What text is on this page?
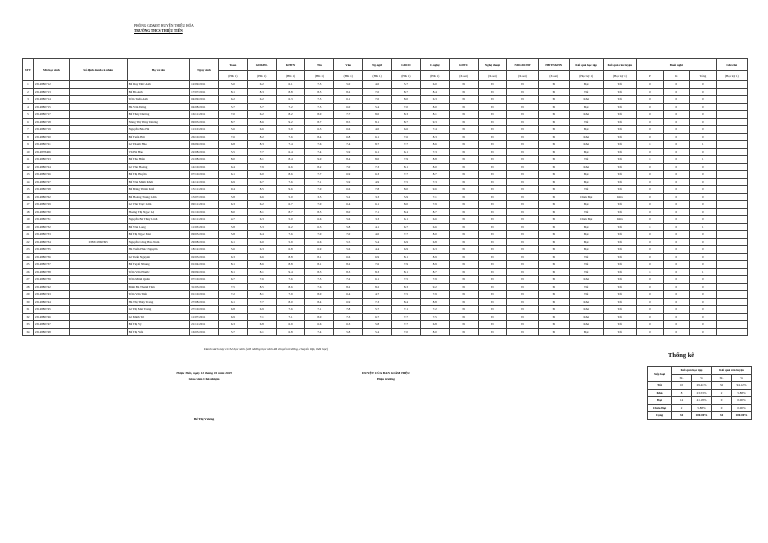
PHÒNG GD&ĐT HUYỆN THIỆU HÓA
TRƯỜNG THCS THIỆU TIẾN
STT	Mã học sinh	Số định danh cá nhân	Họ và tên	Ngày sinh	Toan	GDKHL	KHTN	Tin	Văn	Ng.ngữ	GDCD	C.nghệ	GDTC	Nghệ thuật	NDGDCĐP	HĐTN&HN	Kết quả học tập	Kết quả rèn luyện	Buổi nghỉ			Ghi chú
					(HK 1)	(HK 1)	(HK 1)	(HK 1)	(HK 1)	(HK 1)	(HK 1)	(HK 1)	(X.set)	(X.set)	(X.set)	(X.set)	(Học kỳ 1)	(Học kỳ 1)	P	K	Tổng	(Học kỳ 1)
1	2314880712		Bế Duy Đức Anh	12/09/2011	5.0	6.2	6.1	7.5	5.0	4.0	5.7	6.0	Đ	Đ	Đ	Đ	Đạt	Tốt	0	0	0	
2	2314880713		Bế Bá Anh	17/07/2011	8.1	8.3	8.8	8.5	8.2	7.0	8.7	8.4	Đ	Đ	Đ	Đ	Tốt	Tốt	0	0	0	
3	2314880714		Trần Tuấn Anh	04/09/2011	6.2	6.2	6.3	7.5	6.1	7.0	8.0	6.3	Đ	Đ	Đ	Đ	Khá	Tốt	0	0	0	
4	2314880715		Hà Văn Đông	04/08/2011	5.7	5.7	7.2	7.5	6.0	5.4	7.0	8.0	Đ	Đ	Đ	Đ	Đạt	Tốt	0	0	0	
5	2314880717		Bế Thúy Dương	16/11/2011	7.0	6.2	8.2	8.0	7.7	8.0	8.3	8.1	Đ	Đ	Đ	Đ	Khá	Tốt	0	0	0	
6	2314880718		Nông Thị Thùy Dương	09/03/2011	8.7	8.6	9.2	8.7	8.5	8.1	8.7	9.3	Đ	Đ	Đ	Đ	Tốt	Tốt	0	0	0	
7	2314880719		Nguyễn Bảo Hà	11/10/2011	5.6	6.6	5.9	6.3	6.6	4.0	6.6	7.4	Đ	Đ	Đ	Đ	Đạt	Tốt	0	0	0	
8	2314880720		Bế Tuấn Hải	26/10/2011	7.6	8.2	7.6	8.4	6.8	6.1	7.6	8.3	Đ	Đ	Đ	Đ	Khá	Tốt	0	0	0	
9	2314880721		Lê Thanh Hảo	06/09/2011	6.8	8.3	7.4	7.6	7.4	8.7	7.7	8.6	Đ	Đ	Đ	Đ	Khá	Tốt	1	0	1	
10	2314878406		Vũ Hà Hảo	22/08/2011	5.5	7.7	6.4	7.4	5.9	6.1	6.1	7.3	Đ	Đ	Đ	Đ	Đạt	Tốt	0	0	0	
11	2314880723		Bế Thu Hiền	21/08/2011	8.0	8.1	8.4	9.0	8.4	8.0	7.9	8.8	Đ	Đ	Đ	Đ	Tốt	Tốt	1	0	1	
12	2314880724		Lê Văn Hoàng	14/10/2011	6.4	7.9	6.6	8.2	7.0	7.3	8.1	8.0	Đ	Đ	Đ	Đ	Khá	Tốt	0	0	0	
13	2314880726		Bế Thị Huyền	07/10/2011	6.1	6.0	8.6	7.7	6.9	6.3	7.7	8.7	Đ	Đ	Đ	Đ	Đạt	Tốt	0	0	0	
14	2314880727		Bế Văn Minh Khôi	14/12/2011	6.9	6.7	7.6	7.1	5.9	4.9	7.5	7.3	Đ	Đ	Đ	Đ	Đạt	Tốt	0	0	0	
15	2314880728		Bế Đăng Thiên Kiết	15/11/2011	9.4	8.5	9.6	7.0	6.6	7.8	8.0	9.6	Đ	Đ	Đ	Đ	Tốt	Tốt	0	0	0	
16	2314880762		Bế Hoàng Trung Lâm	13/07/2011	5.8	6.6	5.0	3.5	5.2	3.3	5.9	7.1	Đ	Đ	Đ	Đ	Chưa Đạt	Khá	0	0	0	
17	2314880729		Lê Văn Trực Lâm	09/11/2011	6.3	6.2	6.7	7.0	6.4	6.1	8.0	7.9	Đ	Đ	Đ	Đ	Đạt	Tốt	0	0	0	
18	2314880730		Hoàng Thị Ngọc Lệ	01/10/2011	8.0	8.1	8.7	8.5	8.0	7.1	8.4	8.7	Đ	Đ	Đ	Đ	Tốt	Tốt	0	0	0	
19	2314880731		Nguyễn Bá Thùy Linh	16/11/2011	4.7	6.3	5.0	6.6	5.6	3.3	6.1	6.6	Đ	Đ	Đ	Đ	Chưa Đạt	Khá	0	0	0	
20	2314880732		Bế Văn Long	11/03/2011	5.8	5.3	6.2	6.3	5.8	4.1	6.7	6.6	Đ	Đ	Đ	Đ	Đạt	Tốt	1	0	1	
21	2314880733		Bế Thị Ngọc Mai	09/05/2011	5.8	6.4	7.6	7.0	7.0	4.0	7.7	8.0	Đ	Đ	Đ	Đ	Đạt	Tốt	0	0	0	
22	2314880734	038311860395	Nguyễn Công Bảo Nam	29/08/2011	6.1	6.0	5.9	6.6	5.5	5.4	6.9	6.8	Đ	Đ	Đ	Đ	Đạt	Tốt	0	0	0	
23	2314880735		Hà Tuấn Phúc Nguyên	18/12/2011	5.6	6.3	6.8	6.9	5.6	4.4	6.9	6.3	Đ	Đ	Đ	Đ	Đạt	Tốt	0	0	0	
24	2314880736		Lê Tuấn Nguyên	02/03/2011	6.3	6.6	8.8	8.1	6.6	6.9	8.1	8.9	Đ	Đ	Đ	Đ	Tốt	Tốt	0	0	0	
25	2314880737		Bế Tuyết Nhung	01/04/2011	8.1	8.6	8.8	8.1	8.2	7.6	7.9	8.9	Đ	Đ	Đ	Đ	Tốt	Tốt	0	0	0	
26	2314880738		Trần Văn Phước	09/09/2011	8.1	8.1	9.4	8.3	8.3	8.3	8.1	8.7	Đ	Đ	Đ	Đ	Tốt	Tốt	1	0	1	
27	2314880739		Trần Minh Quân	07/10/2011	6.7	7.6	7.6	7.5	7.2	6.1	7.5	7.9	Đ	Đ	Đ	Đ	Khá	Tốt	0	0	0	
28	2314880742		Đinh Bá Thanh Tâm	31/03/2011	7.5	8.5	8.6	7.6	8.2	8.2	8.3	9.2	Đ	Đ	Đ	Đ	Tốt	Tốt	0	0	0	
29	2314880743		Trần Văn Tiến	01/10/2011	7.2	8.1	7.9	8.0	6.4	4.7	7.5	7.9	Đ	Đ	Đ	Đ	Tốt	Tốt	0	0	0	
30	2314880744		Hà Thị Thúy Trang	27/08/2011	6.1	7.7	8.0	8.4	6.9	7.3	8.4	8.8	Đ	Đ	Đ	Đ	Khá	Tốt	0	0	0	
31	2314880745		Lê Thị Mai Trang	27/10/2011	6.8	6.9	7.6	7.1	7.8	5.7	7.1	7.2	Đ	Đ	Đ	Đ	Khá	Tốt	0	0	0	
32	2314880746		Lê Minh Trí	11/07/2011	6.9	7.1	7.1	8.0	7.3	6.7	7.7	7.5	Đ	Đ	Đ	Đ	Khá	Tốt	0	0	0	
33	2314880747		Bế Thị Vy	21/11/2011	6.3	6.8	6.9	6.6	6.3	5.8	7.7	6.8	Đ	Đ	Đ	Đ	Khá	Tốt	0	0	0	
34	2314880748		Bế Thị Yến	16/03/2011	5.7	6.1	6.8	7.4	5.8	5.4	7.0	8.0	Đ	Đ	Đ	Đ	Đạt	Tốt	0	0	0	
Danh sách này có 34 học sinh (với những học sinh đã chuyển trường, chuyển lớp, thôi học)
Thống kê
Xếp loại	Kết quả học tập		Kết quả rèn luyện	
	SL	%	SL	%
Tốt	10	29.41%	32	94.12%
Khá	8	23.53%	2	5.88%
Đạt	14	41.18%	0	0.00%
Chưa Đạt	2	5.88%	0	0.00%
Cộng	34	100.00%	34	100.00%
Thiệu Tiến, ngày 12 tháng 01 năm 2025
Giáo viên Chủ nhiệm
DUYỆT CỦA BAN GIÁM HIỆU
Hiệu trưởng
Bế Thị Vương
